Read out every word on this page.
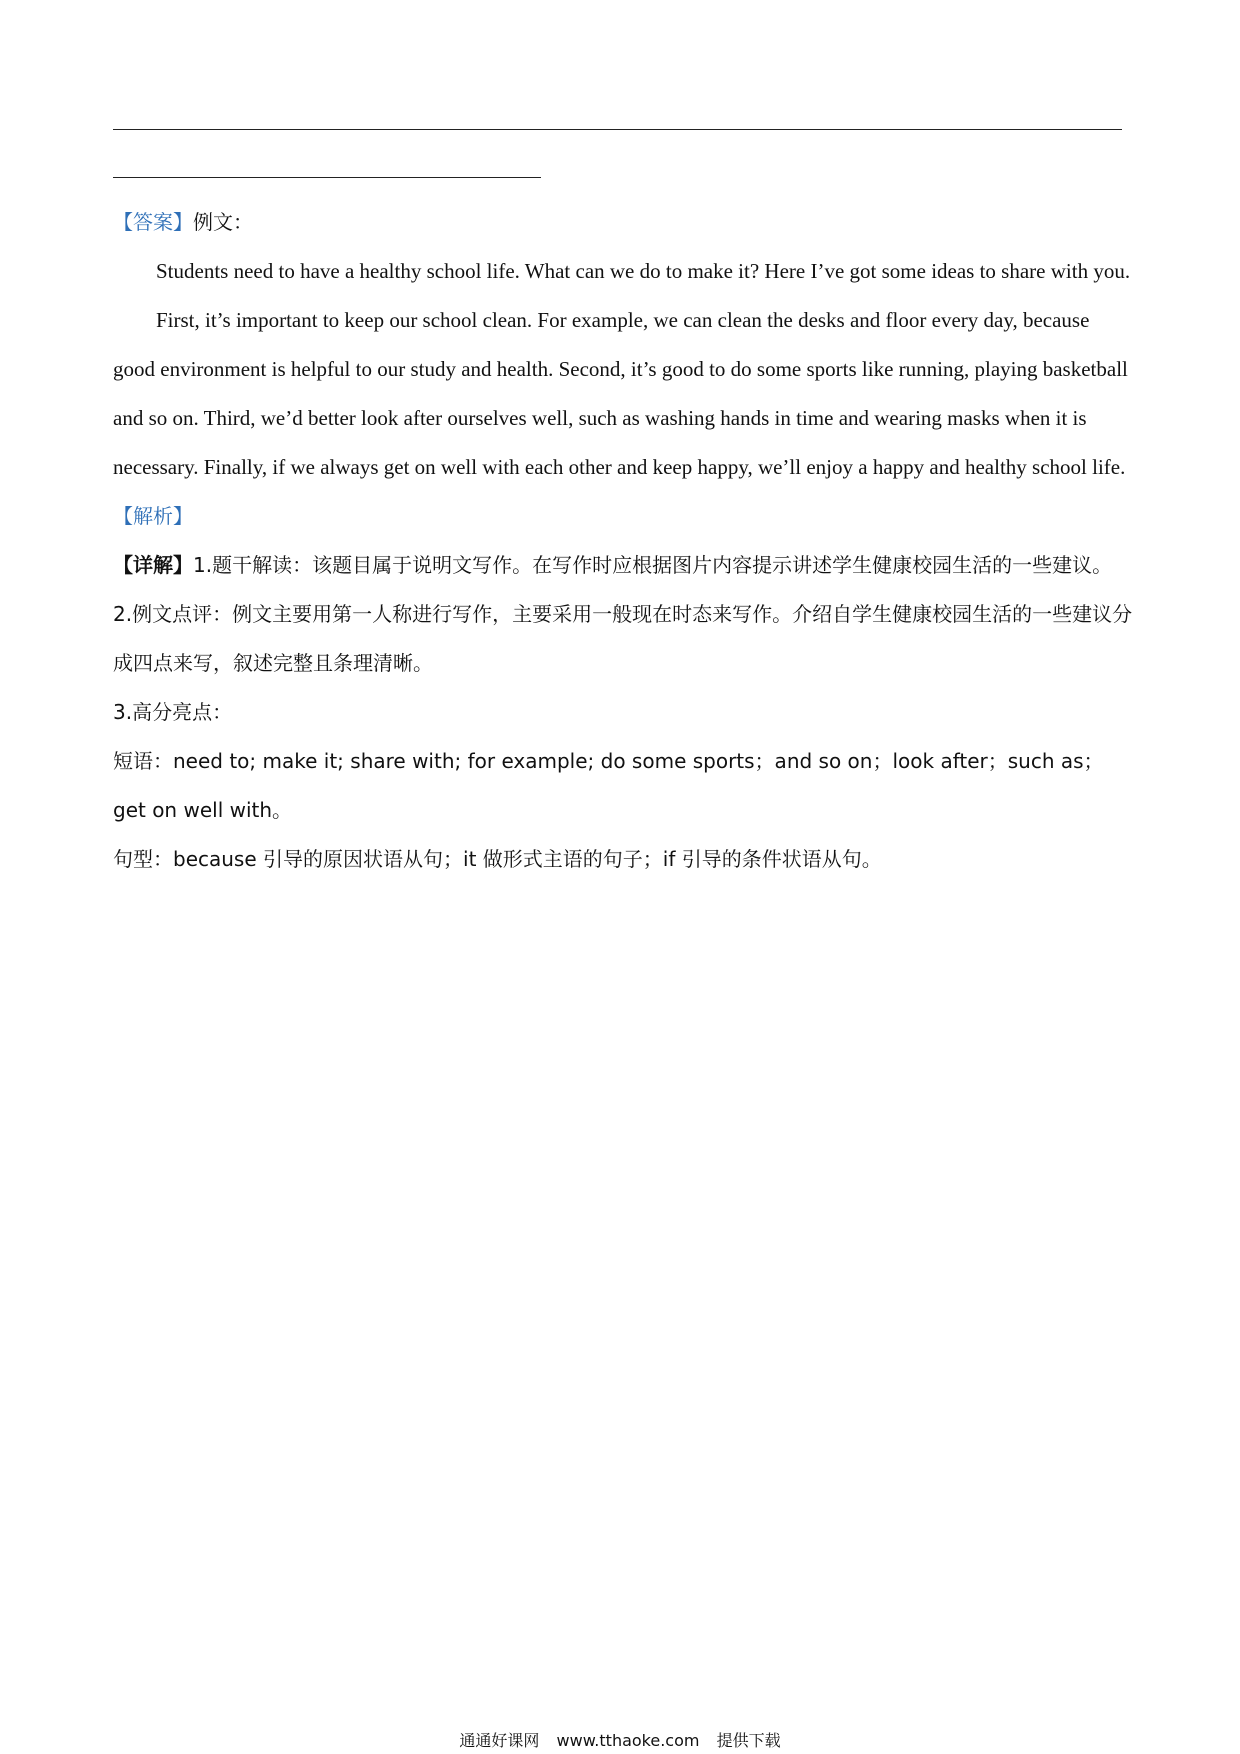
【答案】例文：

Students need to have a healthy school life. What can we do to make it? Here I’ve got some ideas to share with you.

First, it’s important to keep our school clean. For example, we can clean the desks and floor every day, because good environment is helpful to our study and health. Second, it’s good to do some sports like running, playing basketball and so on. Third, we’d better look after ourselves well, such as washing hands in time and wearing masks when it is necessary. Finally, if we always get on well with each other and keep happy, we’ll enjoy a happy and healthy school life.

【解析】

【详解】1.题干解读：该题目属于说明文写作。在写作时应根据图片内容提示讲述学生健康校园生活的一些建议。

2.例文点评：例文主要用第一人称进行写作，主要采用一般现在时态来写作。介绍自学生健康校园生活的一些建议分成四点来写，叙述完整且条理清晰。

3.高分亮点：

短语：need to; make it; share with; for example; do some sports；and so on；look after；such as；get on well with。

句型：because 引导的原因状语从句；it 做形式主语的句子；if 引导的条件状语从句。

通通好课网 www.tthaoke.com 提供下载
